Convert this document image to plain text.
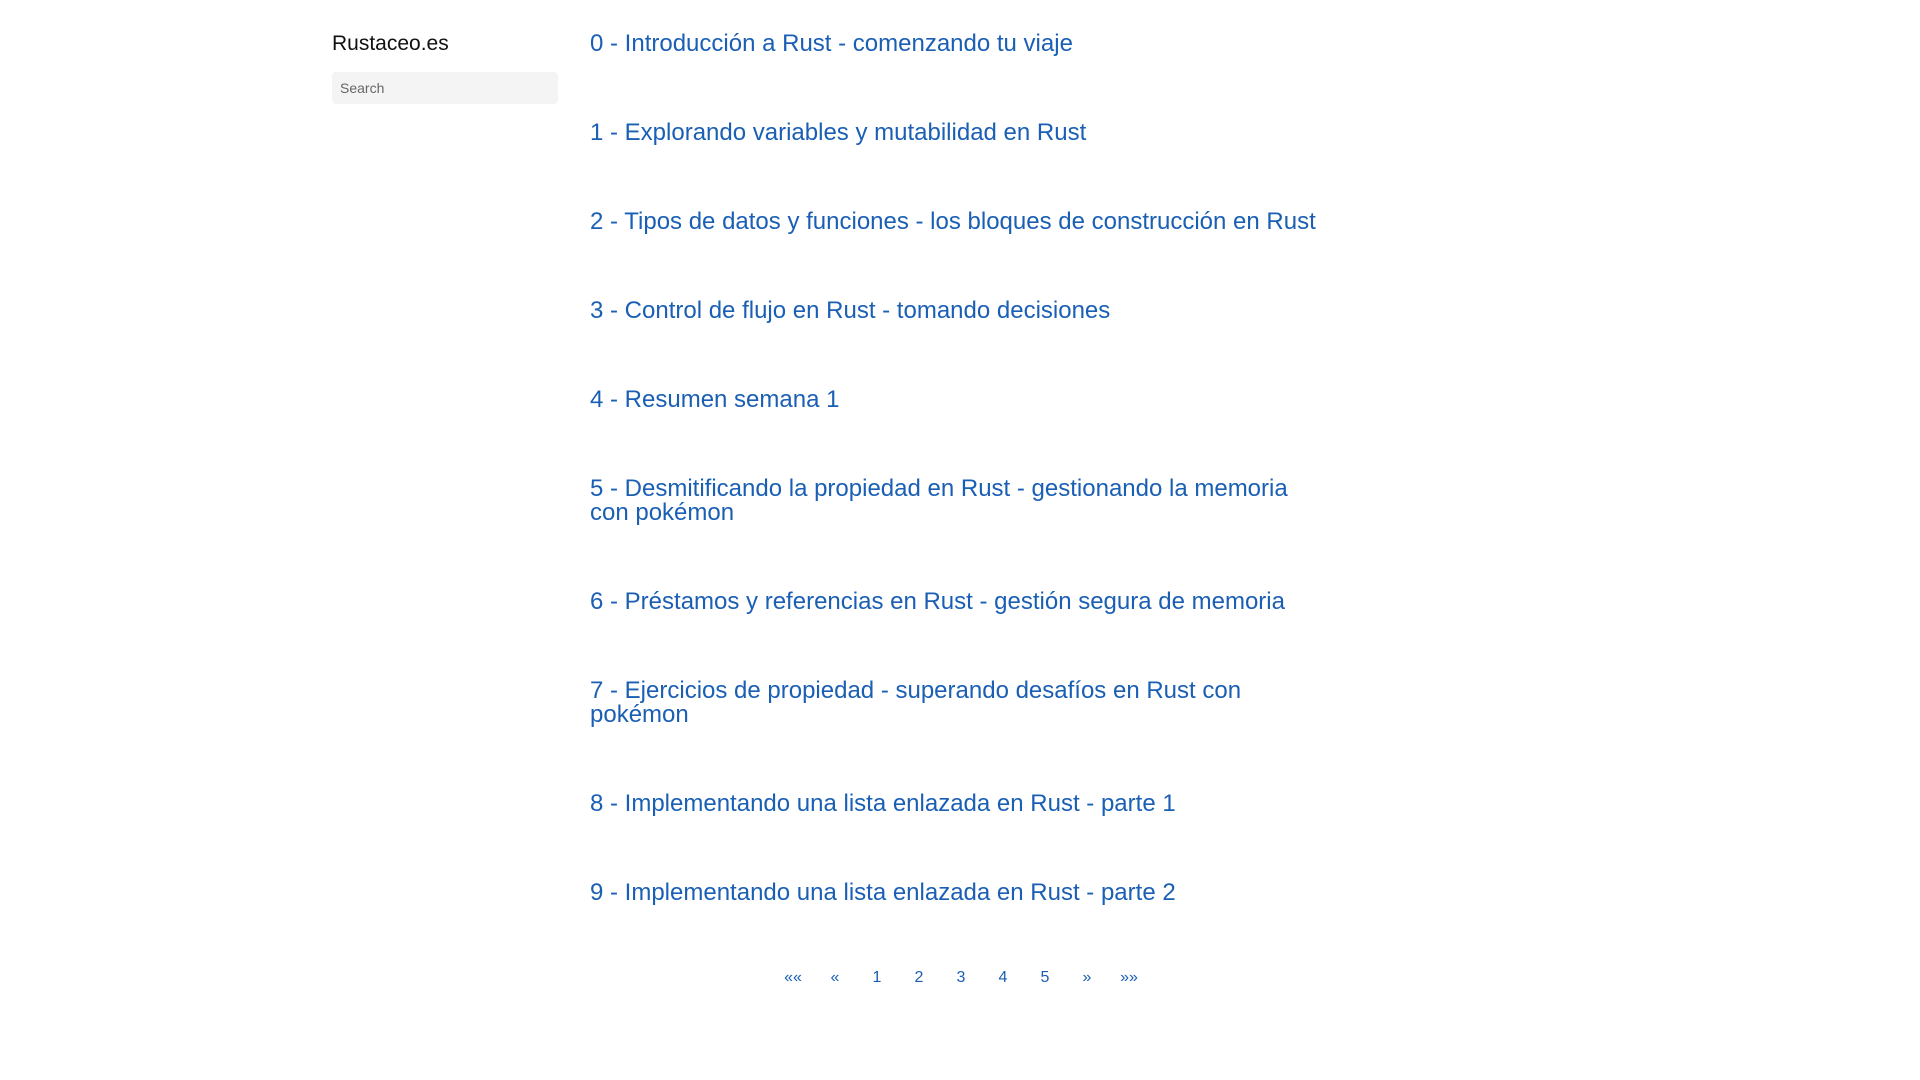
Rustaceo.es
Search	0 - Introducción a Rust - comenzando tu viaje
1 - Explorando variables y mutabilidad en Rust
2 - Tipos de datos y funciones - los bloques de construcción en Rust
3 - Control de flujo en Rust - tomando decisiones
4 - Resumen semana 1
5 - Desmitificando la propiedad en Rust - gestionando la memoria con pokémon
6 - Préstamos y referencias en Rust - gestión segura de memoria
7 - Ejercicios de propiedad - superando desafíos en Rust con pokémon
8 - Implementando una lista enlazada en Rust - parte 1
9 - Implementando una lista enlazada en Rust - parte 2
««	«	1	2	3	4	5	»	»»
